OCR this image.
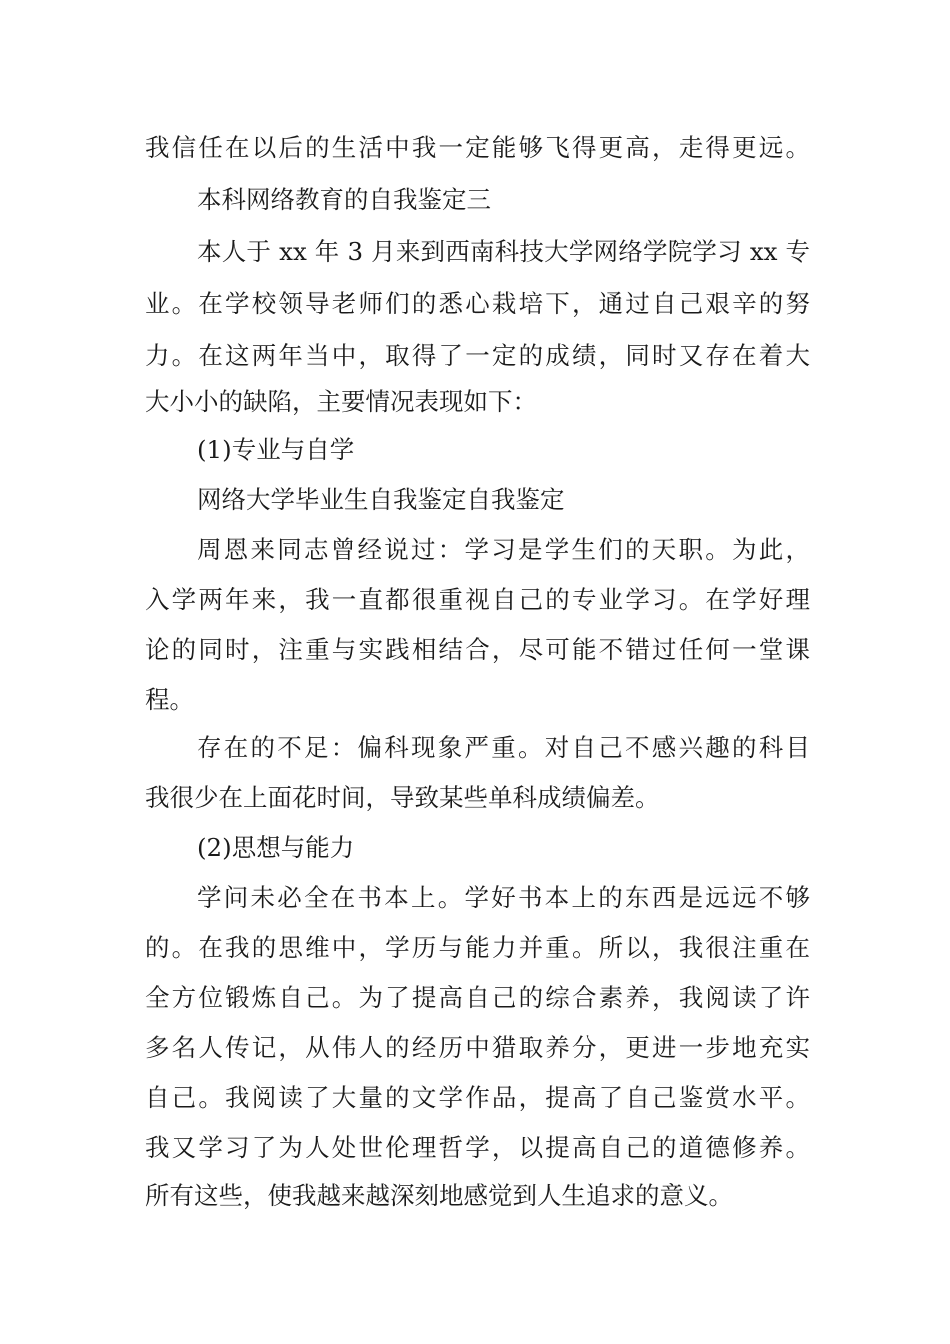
我信任在以后的生活中我一定能够飞得更高，走得更远。
本科网络教育的自我鉴定三
本人于 xx 年 3 月来到西南科技大学网络学院学习 xx 专
业。在学校领导老师们的悉心栽培下，通过自己艰辛的努
力。在这两年当中，取得了一定的成绩，同时又存在着大
大小小的缺陷，主要情况表现如下：
(1)专业与自学
网络大学毕业生自我鉴定自我鉴定
周恩来同志曾经说过：学习是学生们的天职。为此，
入学两年来，我一直都很重视自己的专业学习。在学好理
论的同时，注重与实践相结合，尽可能不错过任何一堂课
程。
存在的不足：偏科现象严重。对自己不感兴趣的科目
我很少在上面花时间，导致某些单科成绩偏差。
(2)思想与能力
学问未必全在书本上。学好书本上的东西是远远不够
的。在我的思维中，学历与能力并重。所以，我很注重在
全方位锻炼自己。为了提高自己的综合素养，我阅读了许
多名人传记，从伟人的经历中猎取养分，更进一步地充实
自己。我阅读了大量的文学作品，提高了自己鉴赏水平。
我又学习了为人处世伦理哲学，以提高自己的道德修养。
所有这些，使我越来越深刻地感觉到人生追求的意义。
